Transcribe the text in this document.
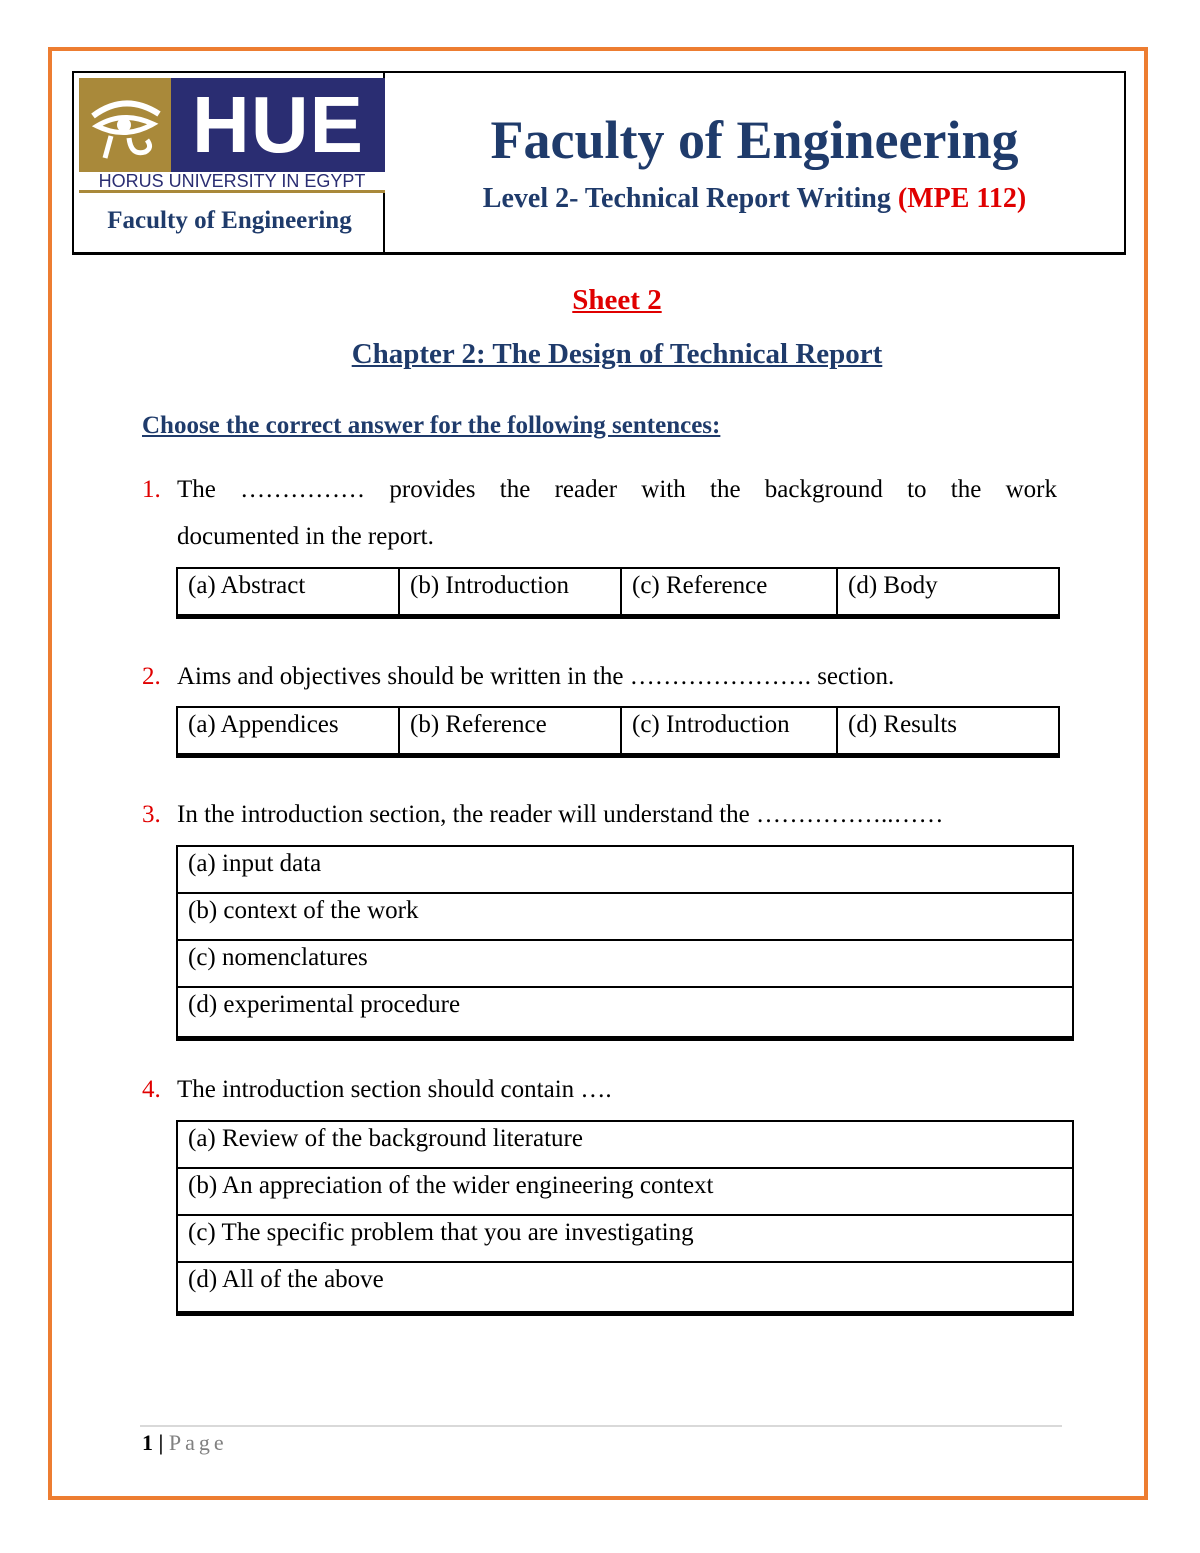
HUE
HORUS UNIVERSITY IN EGYPT
Faculty of Engineering
Faculty of Engineering
Level 2- Technical Report Writing (MPE 112)
Sheet 2
Chapter 2: The Design of Technical Report
Choose the correct answer for the following sentences:
1. The …………… provides the reader with the background to the work
documented in the report.
(a) Abstract	(b) Introduction	(c) Reference	(d) Body
2. Aims and objectives should be written in the …………………. section.
(a) Appendices	(b) Reference	(c) Introduction	(d) Results
3. In the introduction section, the reader will understand the ……………..……
(a) input data
(b) context of the work
(c) nomenclatures
(d) experimental procedure
4. The introduction section should contain ….
(a) Review of the background literature
(b) An appreciation of the wider engineering context
(c) The specific problem that you are investigating
(d) All of the above
1 | Page
